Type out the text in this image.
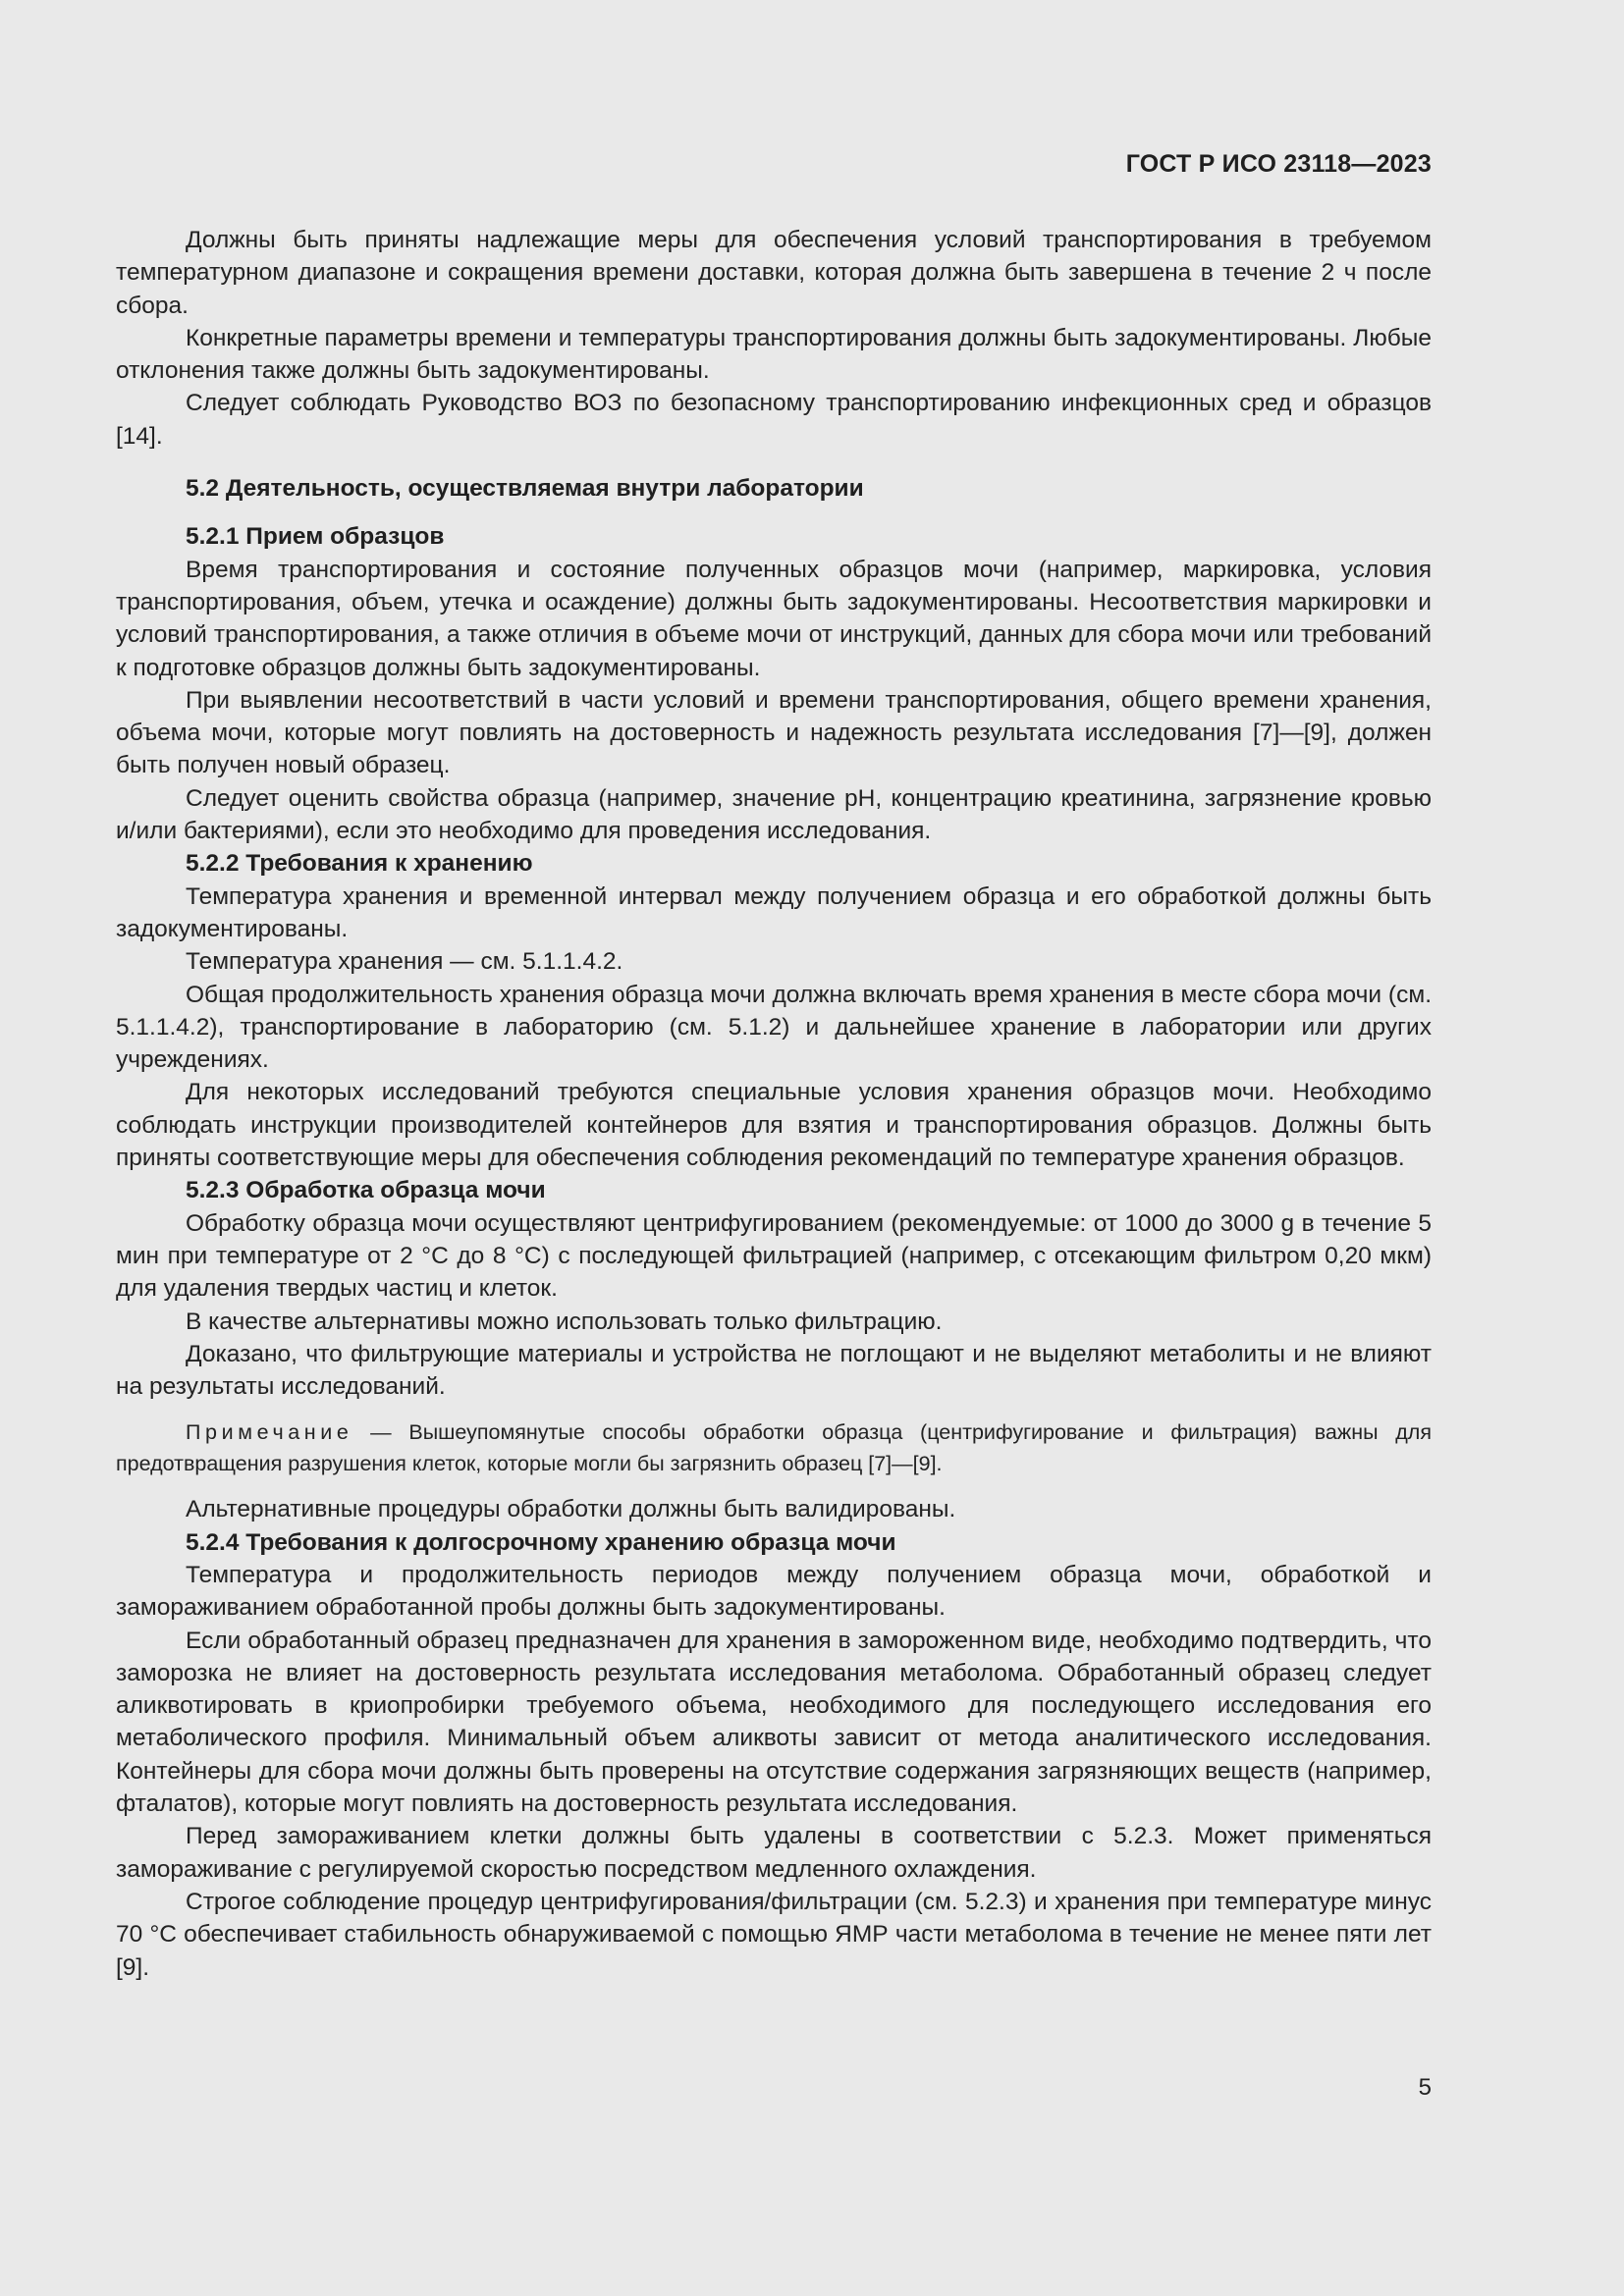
ГОСТ Р ИСО 23118—2023

Должны быть приняты надлежащие меры для обеспечения условий транспортирования в требуемом температурном диапазоне и сокращения времени доставки, которая должна быть завершена в течение 2 ч после сбора.

Конкретные параметры времени и температуры транспортирования должны быть задокументированы. Любые отклонения также должны быть задокументированы.

Следует соблюдать Руководство ВОЗ по безопасному транспортированию инфекционных сред и образцов [14].

5.2 Деятельность, осуществляемая внутри лаборатории
5.2.1 Прием образцов

Время транспортирования и состояние полученных образцов мочи (например, маркировка, условия транспортирования, объем, утечка и осаждение) должны быть задокументированы. Несоответствия маркировки и условий транспортирования, а также отличия в объеме мочи от инструкций, данных для сбора мочи или требований к подготовке образцов должны быть задокументированы.

При выявлении несоответствий в части условий и времени транспортирования, общего времени хранения, объема мочи, которые могут повлиять на достоверность и надежность результата исследования [7]—[9], должен быть получен новый образец.

Следует оценить свойства образца (например, значение pH, концентрацию креатинина, загрязнение кровью и/или бактериями), если это необходимо для проведения исследования.

5.2.2 Требования к хранению

Температура хранения и временной интервал между получением образца и его обработкой должны быть задокументированы.

Температура хранения — см. 5.1.1.4.2.

Общая продолжительность хранения образца мочи должна включать время хранения в месте сбора мочи (см. 5.1.1.4.2), транспортирование в лабораторию (см. 5.1.2) и дальнейшее хранение в лаборатории или других учреждениях.

Для некоторых исследований требуются специальные условия хранения образцов мочи. Необходимо соблюдать инструкции производителей контейнеров для взятия и транспортирования образцов. Должны быть приняты соответствующие меры для обеспечения соблюдения рекомендаций по температуре хранения образцов.

5.2.3 Обработка образца мочи

Обработку образца мочи осуществляют центрифугированием (рекомендуемые: от 1000 до 3000 g в течение 5 мин при температуре от 2 °С до 8 °С) с последующей фильтрацией (например, с отсекающим фильтром 0,20 мкм) для удаления твердых частиц и клеток.

В качестве альтернативы можно использовать только фильтрацию.

Доказано, что фильтрующие материалы и устройства не поглощают и не выделяют метаболиты и не влияют на результаты исследований.

Примечание — Вышеупомянутые способы обработки образца (центрифугирование и фильтрация) важны для предотвращения разрушения клеток, которые могли бы загрязнить образец [7]—[9].

Альтернативные процедуры обработки должны быть валидированы.

5.2.4 Требования к долгосрочному хранению образца мочи

Температура и продолжительность периодов между получением образца мочи, обработкой и замораживанием обработанной пробы должны быть задокументированы.

Если обработанный образец предназначен для хранения в замороженном виде, необходимо подтвердить, что заморозка не влияет на достоверность результата исследования метаболома. Обработанный образец следует аликвотировать в криопробирки требуемого объема, необходимого для последующего исследования его метаболического профиля. Минимальный объем аликвоты зависит от метода аналитического исследования. Контейнеры для сбора мочи должны быть проверены на отсутствие содержания загрязняющих веществ (например, фталатов), которые могут повлиять на достоверность результата исследования.

Перед замораживанием клетки должны быть удалены в соответствии с 5.2.3. Может применяться замораживание с регулируемой скоростью посредством медленного охлаждения.

Строгое соблюдение процедур центрифугирования/фильтрации (см. 5.2.3) и хранения при температуре минус 70 °С обеспечивает стабильность обнаруживаемой с помощью ЯМР части метаболома в течение не менее пяти лет [9].

5
